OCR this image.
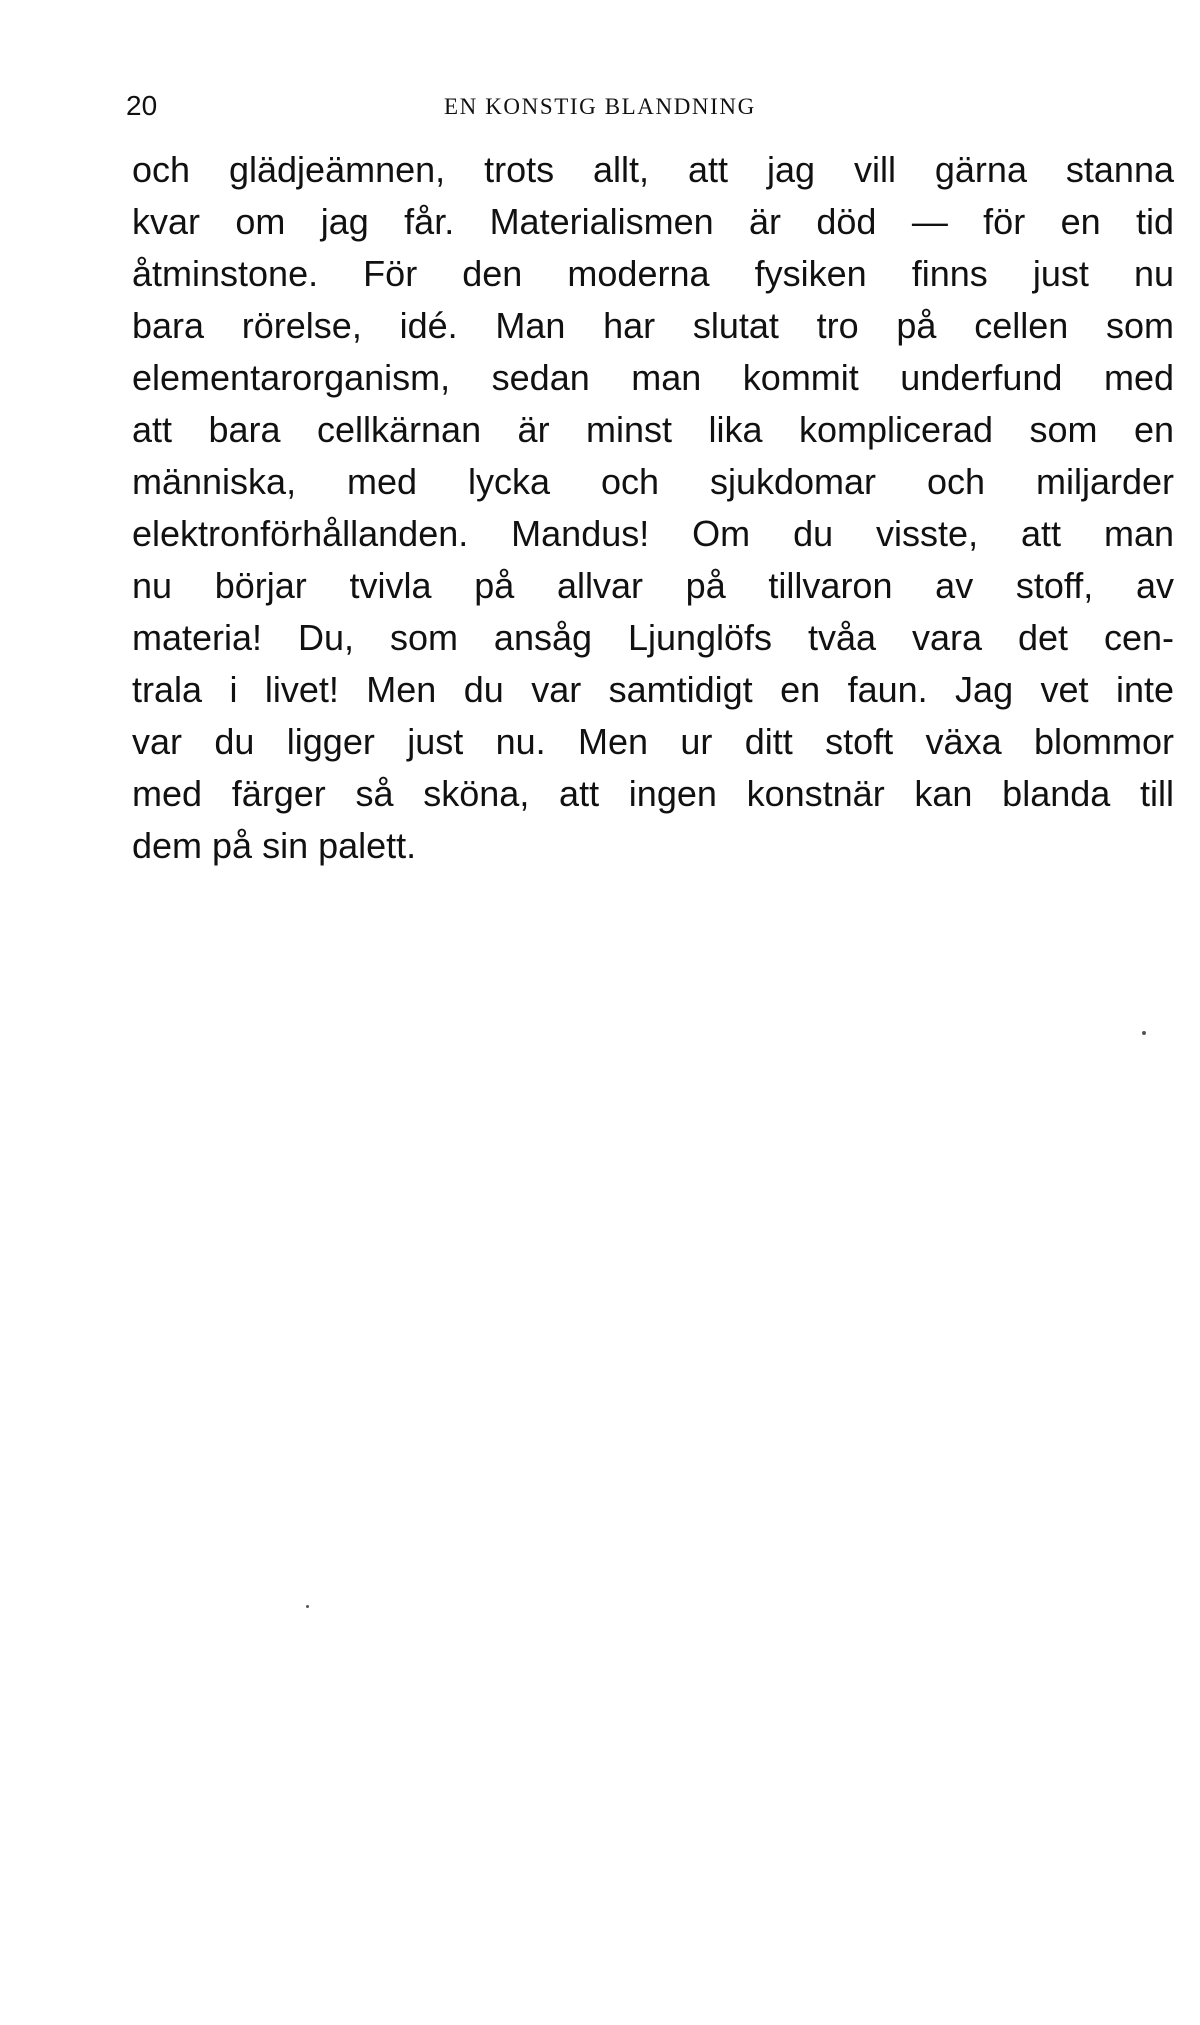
20	EN KONSTIG BLANDNING

och glädjeämnen, trots allt, att jag vill gärna stanna
kvar om jag får. Materialismen är död — för en tid
åtminstone. För den moderna fysiken finns just nu
bara rörelse, idé. Man har slutat tro på cellen som
elementarorganism, sedan man kommit underfund med
att bara cellkärnan är minst lika komplicerad som en
människa, med lycka och sjukdomar och miljarder
elektronförhållanden. Mandus! Om du visste, att man
nu börjar tvivla på allvar på tillvaron av stoff, av
materia! Du, som ansåg Ljunglöfs tvåa vara det cen-
trala i livet! Men du var samtidigt en faun. Jag vet inte
var du ligger just nu. Men ur ditt stoft växa blommor
med färger så sköna, att ingen konstnär kan blanda till
dem på sin palett.
